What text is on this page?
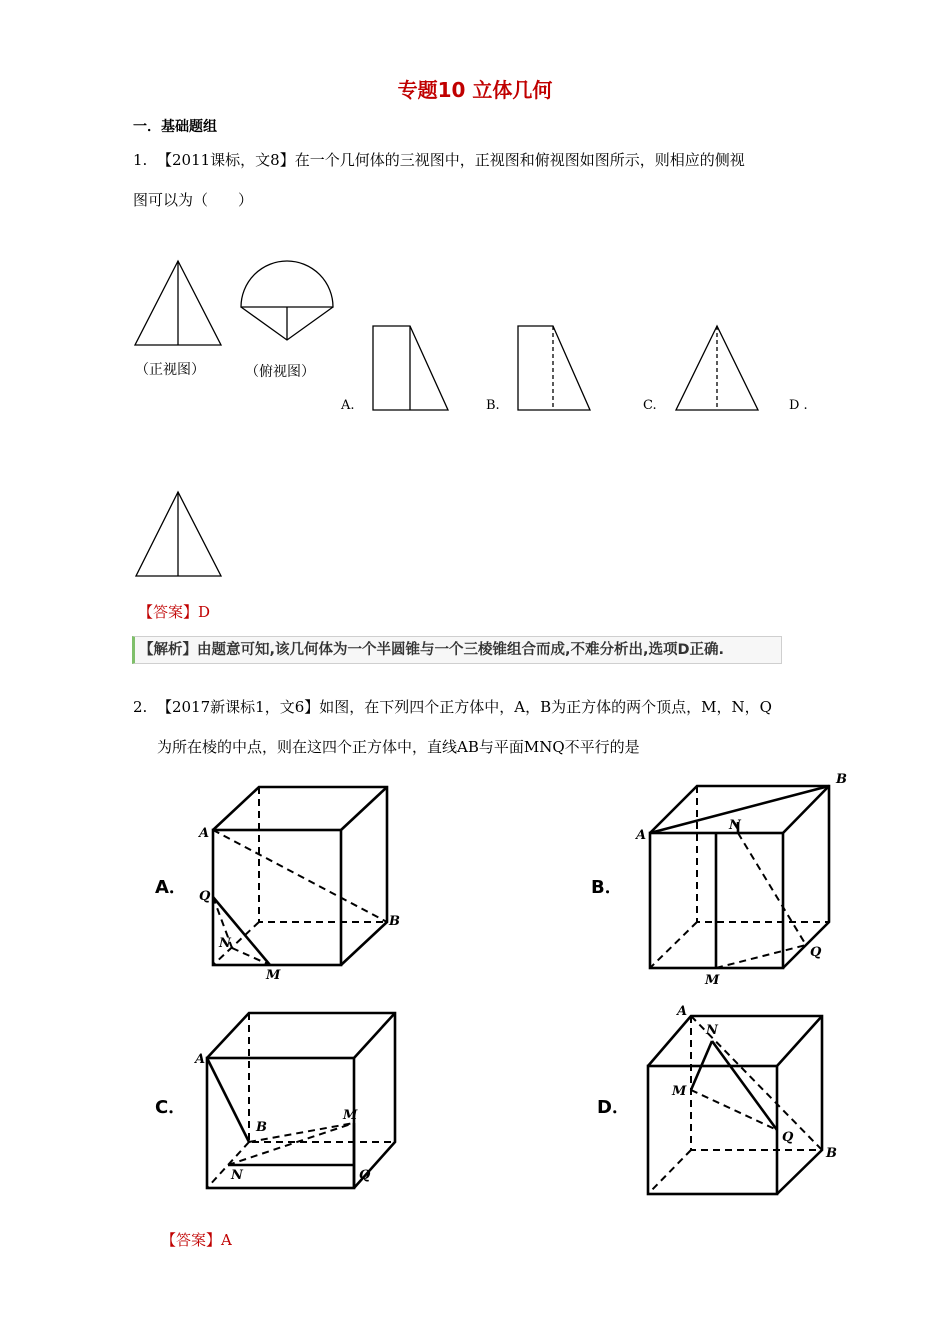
专题10 立体几何
一．基础题组
1. 【2011课标，文8】在一个几何体的三视图中，正视图和俯视图如图所示，则相应的侧视
图可以为（　　）
（正视图）	（俯视图）
A.	B.	C.	D .
【答案】D
【解析】由题意可知,该几何体为一个半圆锥与一个三棱锥组合而成,不难分析出,选项D正确.
2. 【2017新课标1，文6】如图，在下列四个正方体中，A，B为正方体的两个顶点，M，N，Q
为所在棱的中点，则在这四个正方体中，直线AB与平面MNQ不平行的是
A．	B．
C．	D．
A
B
Q
N
M
A
B
N
Q
M
A
B
M
N	Q
A
N
M
Q
B
【答案】A
